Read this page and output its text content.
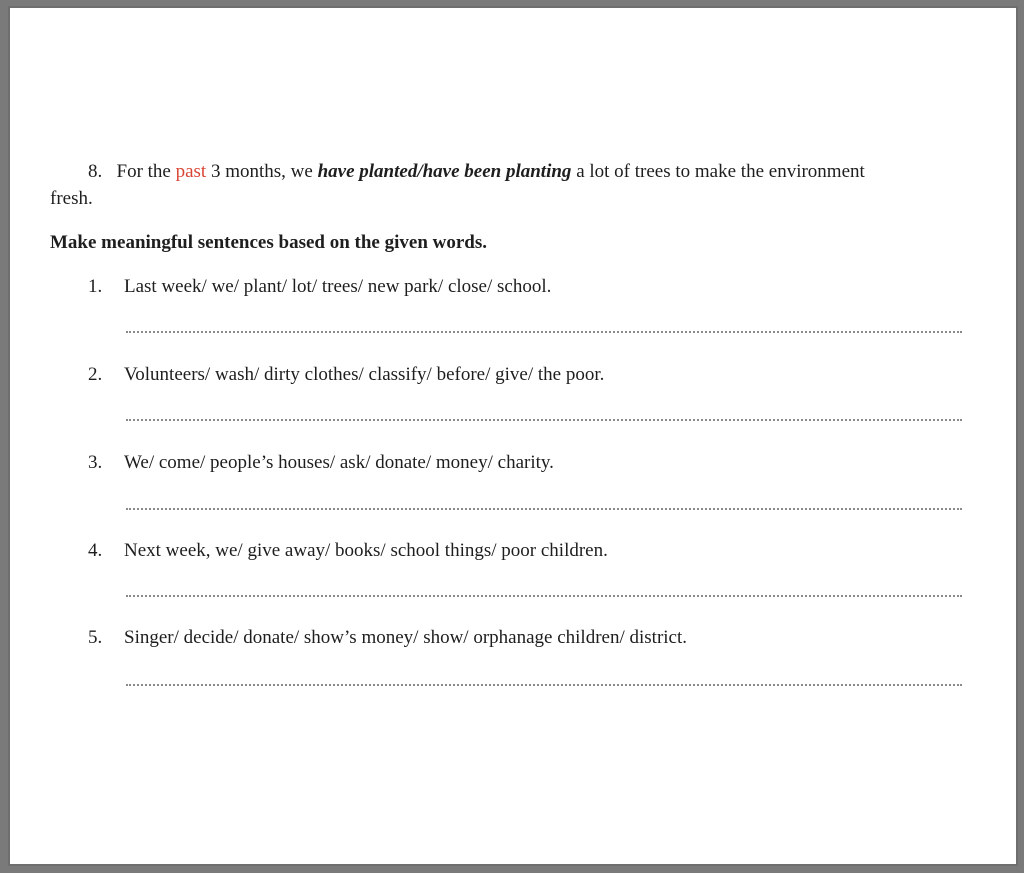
8. For the past 3 months, we have planted/have been planting a lot of trees to make the environment fresh.
Make meaningful sentences based on the given words.
1. Last week/ we/ plant/ lot/ trees/ new park/ close/ school.
2. Volunteers/ wash/ dirty clothes/ classify/ before/ give/ the poor.
3. We/ come/ people’s houses/ ask/ donate/ money/ charity.
4. Next week, we/ give away/ books/ school things/ poor children.
5. Singer/ decide/ donate/ show’s money/ show/ orphanage children/ district.
